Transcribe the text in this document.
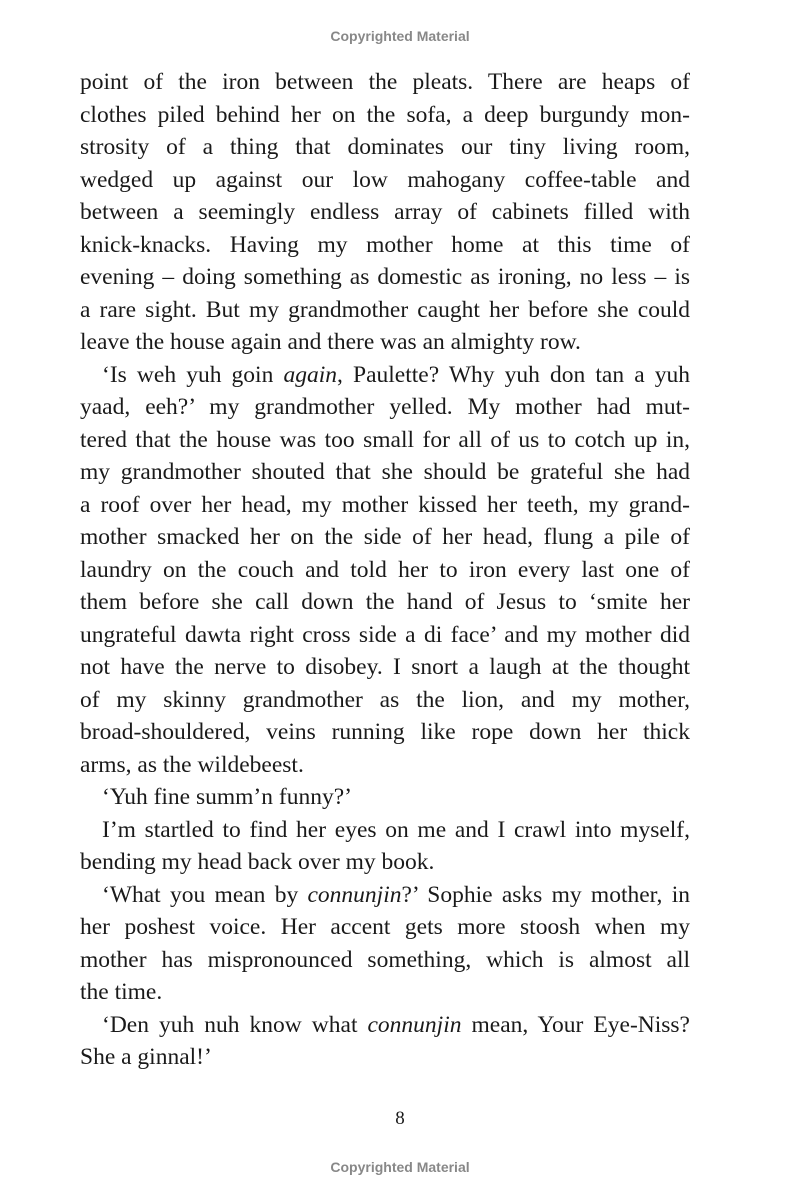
Copyrighted Material
point of the iron between the pleats. There are heaps of
clothes piled behind her on the sofa, a deep burgundy mon-
strosity of a thing that dominates our tiny living room,
wedged up against our low mahogany coffee-table and
between a seemingly endless array of cabinets filled with
knick-knacks. Having my mother home at this time of
evening – doing something as domestic as ironing, no less – is
a rare sight. But my grandmother caught her before she could
leave the house again and there was an almighty row.
‘Is weh yuh goin again, Paulette? Why yuh don tan a yuh
yaad, eeh?’ my grandmother yelled. My mother had mut-
tered that the house was too small for all of us to cotch up in,
my grandmother shouted that she should be grateful she had
a roof over her head, my mother kissed her teeth, my grand-
mother smacked her on the side of her head, flung a pile of
laundry on the couch and told her to iron every last one of
them before she call down the hand of Jesus to ‘smite her
ungrateful dawta right cross side a di face’ and my mother did
not have the nerve to disobey. I snort a laugh at the thought
of my skinny grandmother as the lion, and my mother,
broad-shouldered, veins running like rope down her thick
arms, as the wildebeest.
‘Yuh fine summ’n funny?’
I’m startled to find her eyes on me and I crawl into myself,
bending my head back over my book.
‘What you mean by connunjin?’ Sophie asks my mother, in
her poshest voice. Her accent gets more stoosh when my
mother has mispronounced something, which is almost all
the time.
‘Den yuh nuh know what connunjin mean, Your Eye-Niss?
She a ginnal!’
8
Copyrighted Material
